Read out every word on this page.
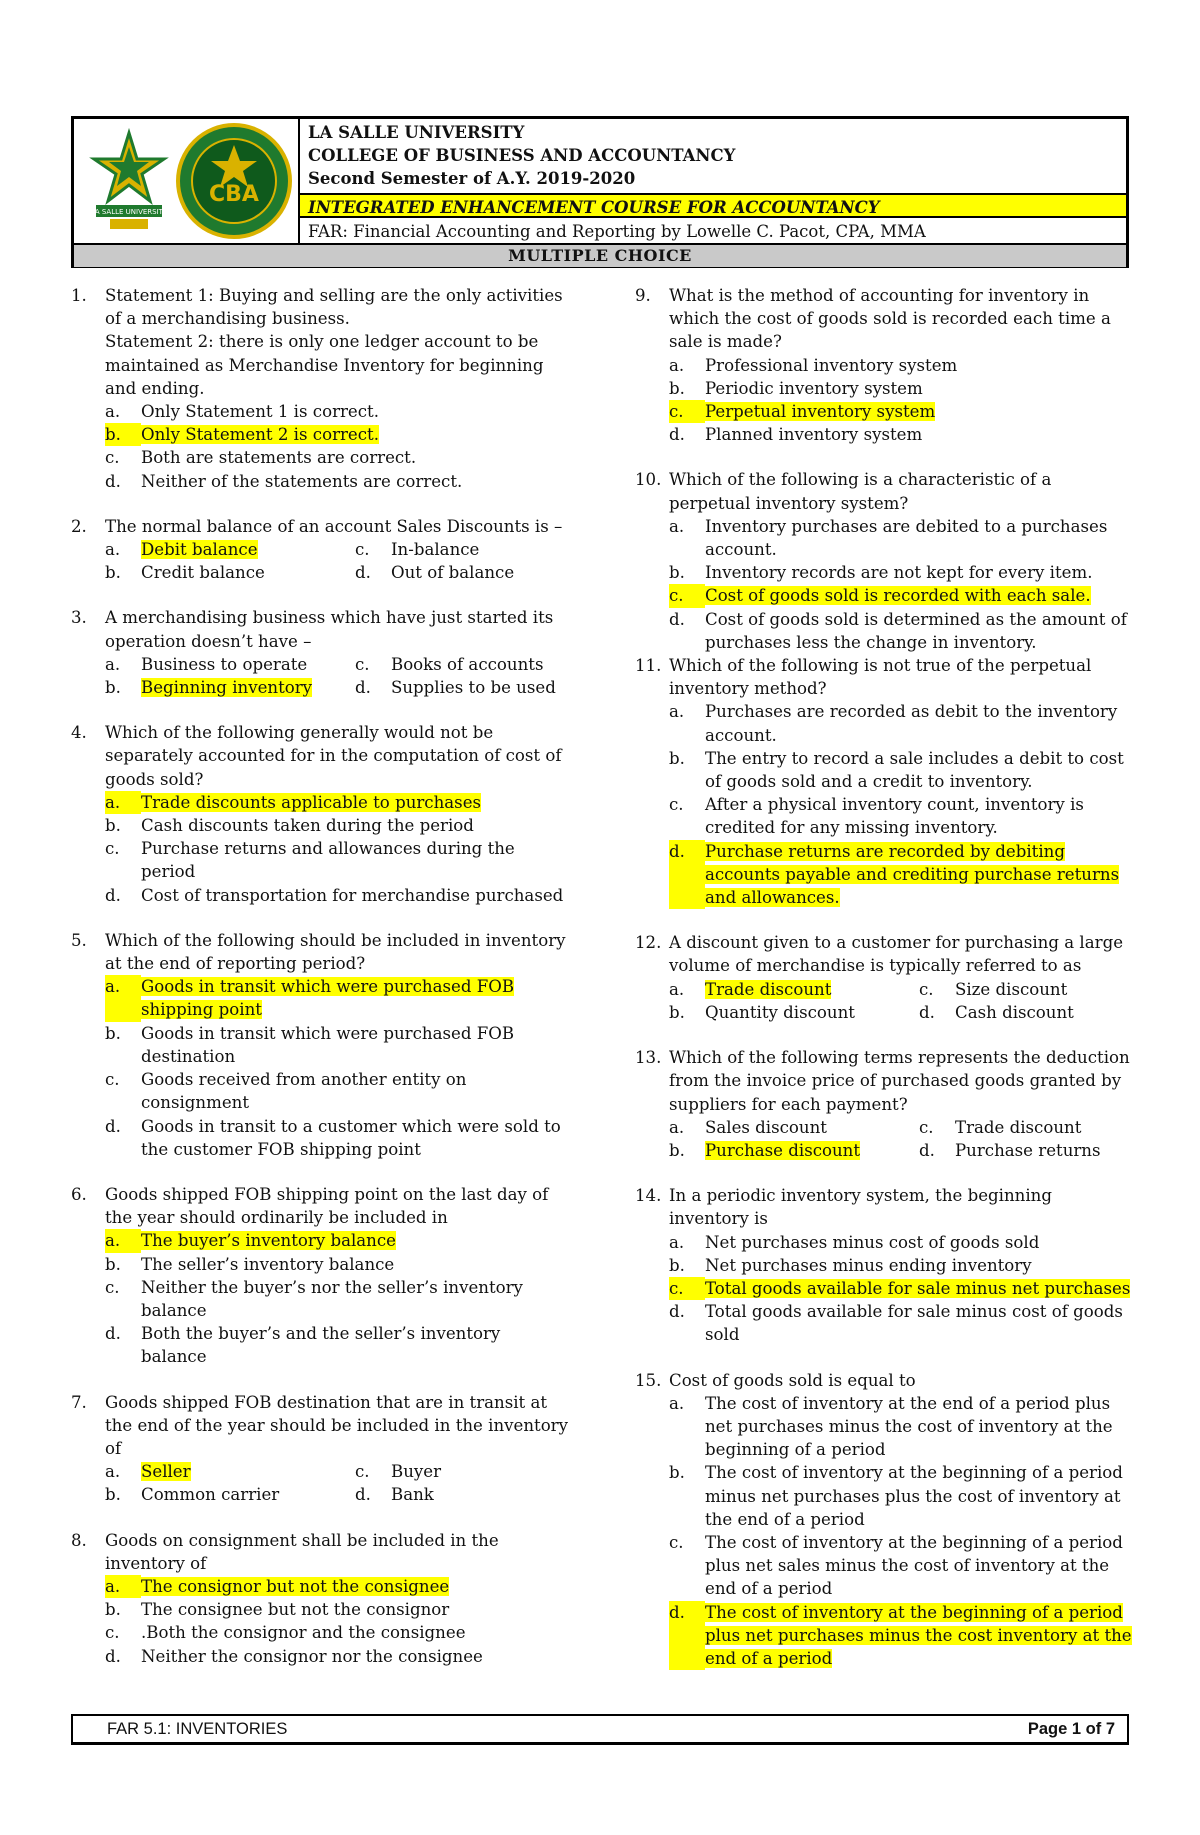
LA SALLE UNIVERSITY
CBA
LA SALLE UNIVERSITY
COLLEGE OF BUSINESS AND ACCOUNTANCY
Second Semester of A.Y. 2019-2020
INTEGRATED ENHANCEMENT COURSE FOR ACCOUNTANCY
FAR: Financial Accounting and Reporting by Lowelle C. Pacot, CPA, MMA
MULTIPLE CHOICE
1.	Statement 1: Buying and selling are the only activities of a merchandising business.
Statement 2: there is only one ledger account to be maintained as Merchandise Inventory for beginning and ending.
a.	Only Statement 1 is correct.
b.	Only Statement 2 is correct.
c.	Both are statements are correct.
d.	Neither of the statements are correct.
2.	The normal balance of an account Sales Discounts is –
a.	Debit balance	c.	In-balance
b.	Credit balance	d.	Out of balance
3.	A merchandising business which have just started its operation doesn’t have –
a.	Business to operate	c.	Books of accounts
b.	Beginning inventory	d.	Supplies to be used
4.	Which of the following generally would not be separately accounted for in the computation of cost of goods sold?
a.	Trade discounts applicable to purchases
b.	Cash discounts taken during the period
c.	Purchase returns and allowances during the period
d.	Cost of transportation for merchandise purchased
5.	Which of the following should be included in inventory at the end of reporting period?
a.	Goods in transit which were purchased FOB shipping point
b.	Goods in transit which were purchased FOB destination
c.	Goods received from another entity on consignment
d.	Goods in transit to a customer which were sold to the customer FOB shipping point
6.	Goods shipped FOB shipping point on the last day of the year should ordinarily be included in
a.	The buyer’s inventory balance
b.	The seller’s inventory balance
c.	Neither the buyer’s nor the seller’s inventory balance
d.	Both the buyer’s and the seller’s inventory balance
7.	Goods shipped FOB destination that are in transit at the end of the year should be included in the inventory of
a.	Seller	c.	Buyer
b.	Common carrier	d.	Bank
8.	Goods on consignment shall be included in the inventory of
a.	The consignor but not the consignee
b.	The consignee but not the consignor
c.	.Both the consignor and the consignee
d.	Neither the consignor nor the consignee
9.	What is the method of accounting for inventory in which the cost of goods sold is recorded each time a sale is made?
a.	Professional inventory system
b.	Periodic inventory system
c.	Perpetual inventory system
d.	Planned inventory system
10. Which of the following is a characteristic of a perpetual inventory system?
a.	Inventory purchases are debited to a purchases account.
b.	Inventory records are not kept for every item.
c.	Cost of goods sold is recorded with each sale.
d.	Cost of goods sold is determined as the amount of purchases less the change in inventory.
11. Which of the following is not true of the perpetual inventory method?
a.	Purchases are recorded as debit to the inventory account.
b.	The entry to record a sale includes a debit to cost of goods sold and a credit to inventory.
c.	After a physical inventory count, inventory is credited for any missing inventory.
d.	Purchase returns are recorded by debiting accounts payable and crediting purchase returns and allowances.
12. A discount given to a customer for purchasing a large volume of merchandise is typically referred to as
a.	Trade discount	c.	Size discount
b.	Quantity discount	d.	Cash discount
13. Which of the following terms represents the deduction from the invoice price of purchased goods granted by suppliers for each payment?
a.	Sales discount	c.	Trade discount
b.	Purchase discount	d.	Purchase returns
14. In a periodic inventory system, the beginning inventory is
a.	Net purchases minus cost of goods sold
b.	Net purchases minus ending inventory
c.	Total goods available for sale minus net purchases
d.	Total goods available for sale minus cost of goods sold
15. Cost of goods sold is equal to
a.	The cost of inventory at the end of a period plus net purchases minus the cost of inventory at the beginning of a period
b.	The cost of inventory at the beginning of a period minus net purchases plus the cost of inventory at the end of a period
c.	The cost of inventory at the beginning of a period plus net sales minus the cost of inventory at the end of a period
d.	The cost of inventory at the beginning of a period plus net purchases minus the cost inventory at the end of a period
FAR 5.1: INVENTORIES	Page 1 of 7
